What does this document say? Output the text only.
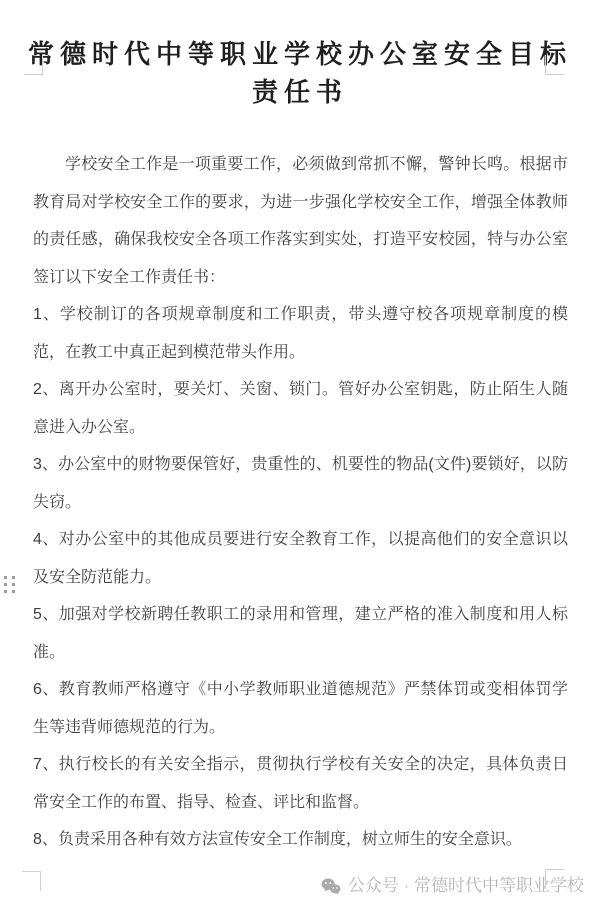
常德时代中等职业学校办公室安全目标
责任书

学校安全工作是一项重要工作，必须做到常抓不懈，警钟长鸣。根据市教育局对学校安全工作的要求，为进一步强化学校安全工作，增强全体教师的责任感，确保我校安全各项工作落实到实处，打造平安校园，特与办公室签订以下安全工作责任书：

1、学校制订的各项规章制度和工作职责，带头遵守校各项规章制度的模范，在教工中真正起到模范带头作用。

2、离开办公室时，要关灯、关窗、锁门。管好办公室钥匙，防止陌生人随意进入办公室。

3、办公室中的财物要保管好，贵重性的、机要性的物品(文件)要锁好，以防失窃。

4、对办公室中的其他成员要进行安全教育工作，以提高他们的安全意识以及安全防范能力。

5、加强对学校新聘任教职工的录用和管理，建立严格的准入制度和用人标准。

6、教育教师严格遵守《中小学教师职业道德规范》严禁体罚或变相体罚学生等违背师德规范的行为。

7、执行校长的有关安全指示，贯彻执行学校有关安全的决定，具体负责日常安全工作的布置、指导、检查、评比和监督。

8、负责采用各种有效方法宣传安全工作制度，树立师生的安全意识。

公众号 · 常德时代中等职业学校
